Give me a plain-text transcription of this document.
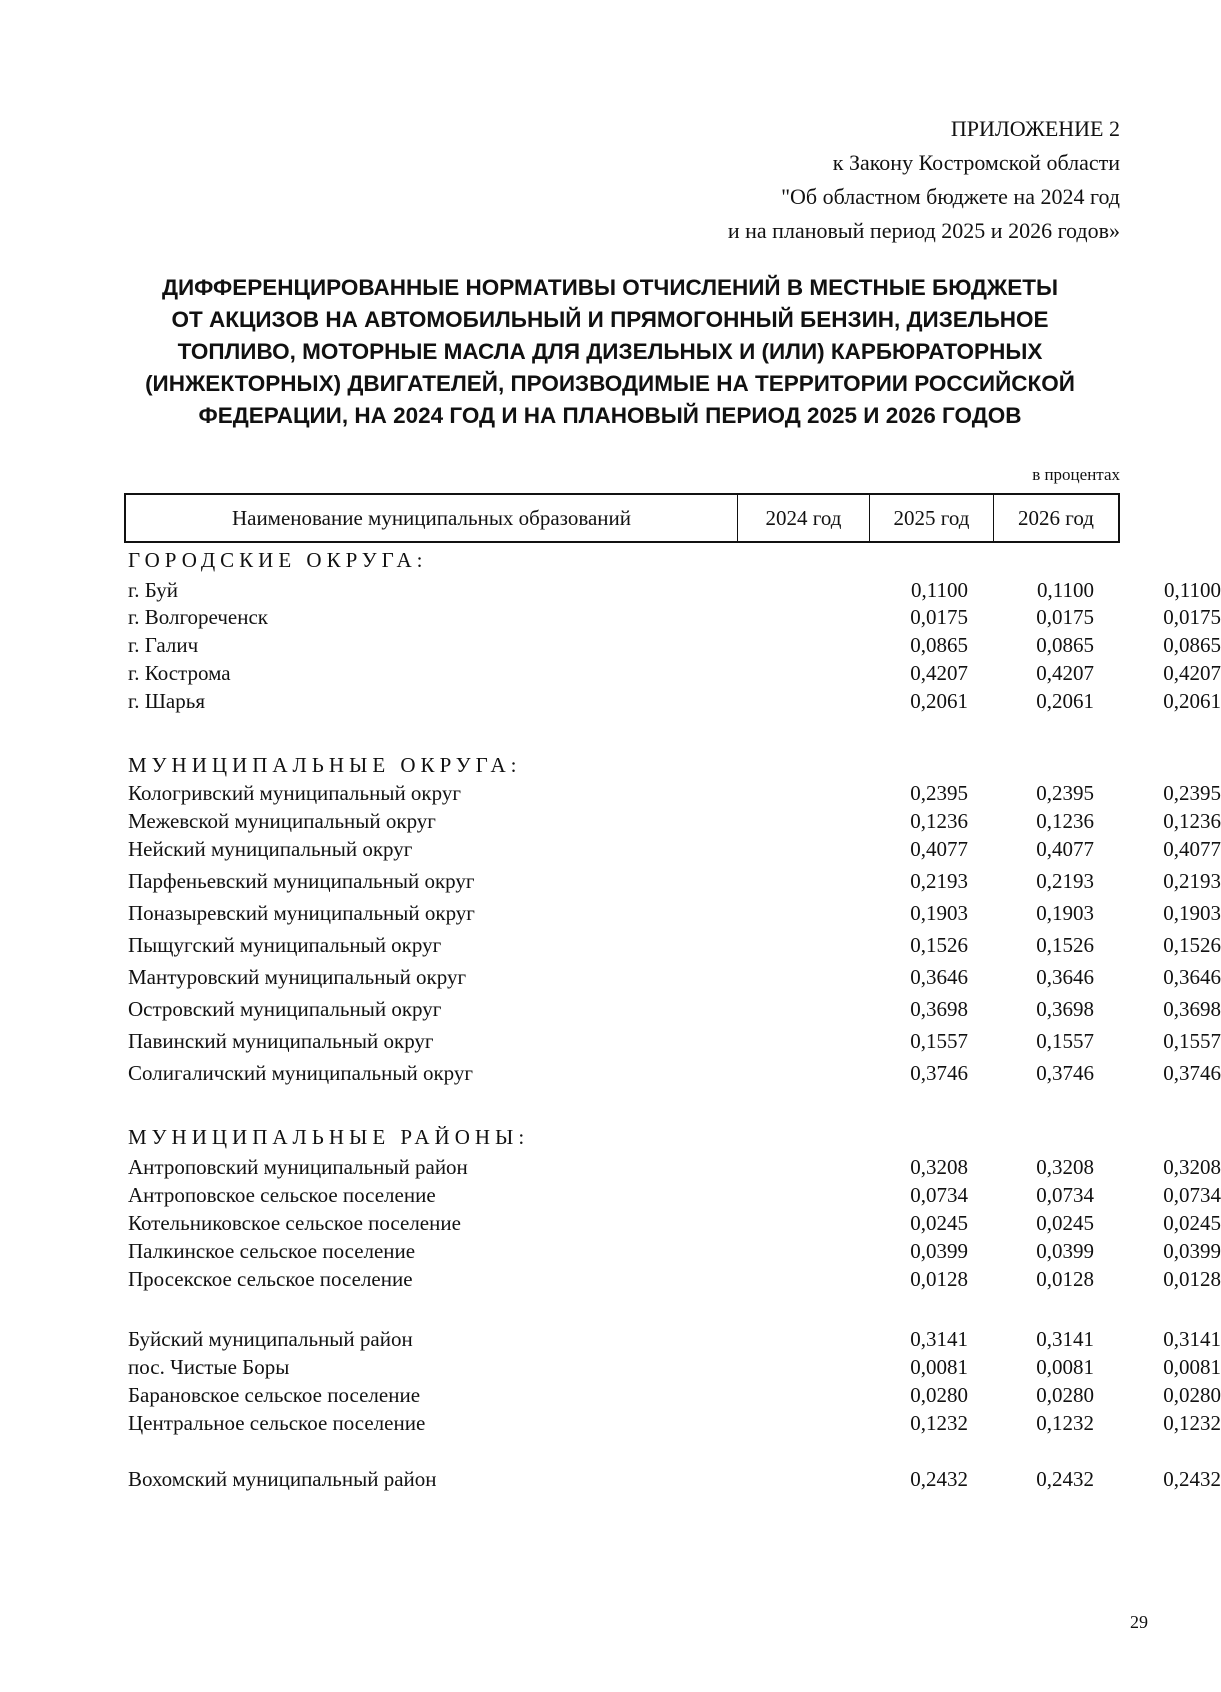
ПРИЛОЖЕНИЕ 2
к Закону Костромской области
"Об областном бюджете на 2024 год
и на плановый период 2025 и 2026 годов»
ДИФФЕРЕНЦИРОВАННЫЕ НОРМАТИВЫ ОТЧИСЛЕНИЙ В МЕСТНЫЕ БЮДЖЕТЫ
ОТ АКЦИЗОВ НА АВТОМОБИЛЬНЫЙ И ПРЯМОГОННЫЙ БЕНЗИН, ДИЗЕЛЬНОЕ
ТОПЛИВО, МОТОРНЫЕ МАСЛА ДЛЯ ДИЗЕЛЬНЫХ И (ИЛИ) КАРБЮРАТОРНЫХ
(ИНЖЕКТОРНЫХ) ДВИГАТЕЛЕЙ, ПРОИЗВОДИМЫЕ НА ТЕРРИТОРИИ РОССИЙСКОЙ
ФЕДЕРАЦИИ, НА 2024 ГОД И НА ПЛАНОВЫЙ ПЕРИОД 2025 И 2026 ГОДОВ
в процентах
Наименование муниципальных образований	2024 год	2025 год	2026 год
ГОРОДСКИЕ ОКРУГА:
г. Буй	0,1100	0,1100	0,1100
г. Волгореченск	0,0175	0,0175	0,0175
г. Галич	0,0865	0,0865	0,0865
г. Кострома	0,4207	0,4207	0,4207
г. Шарья	0,2061	0,2061	0,2061
МУНИЦИПАЛЬНЫЕ ОКРУГА:
Кологривский муниципальный округ	0,2395	0,2395	0,2395
Межевской муниципальный округ	0,1236	0,1236	0,1236
Нейский муниципальный округ	0,4077	0,4077	0,4077
Парфеньевский муниципальный округ	0,2193	0,2193	0,2193
Поназыревский муниципальный округ	0,1903	0,1903	0,1903
Пыщугский муниципальный округ	0,1526	0,1526	0,1526
Мантуровский муниципальный округ	0,3646	0,3646	0,3646
Островский муниципальный округ	0,3698	0,3698	0,3698
Павинский муниципальный округ	0,1557	0,1557	0,1557
Солигаличский муниципальный округ	0,3746	0,3746	0,3746
МУНИЦИПАЛЬНЫЕ РАЙОНЫ:
Антроповский муниципальный район	0,3208	0,3208	0,3208
Антроповское сельское поселение	0,0734	0,0734	0,0734
Котельниковское сельское поселение	0,0245	0,0245	0,0245
Палкинское сельское поселение	0,0399	0,0399	0,0399
Просекское сельское поселение	0,0128	0,0128	0,0128
Буйский муниципальный район	0,3141	0,3141	0,3141
пос. Чистые Боры	0,0081	0,0081	0,0081
Барановское сельское поселение	0,0280	0,0280	0,0280
Центральное сельское поселение	0,1232	0,1232	0,1232
Вохомский муниципальный район	0,2432	0,2432	0,2432
29
